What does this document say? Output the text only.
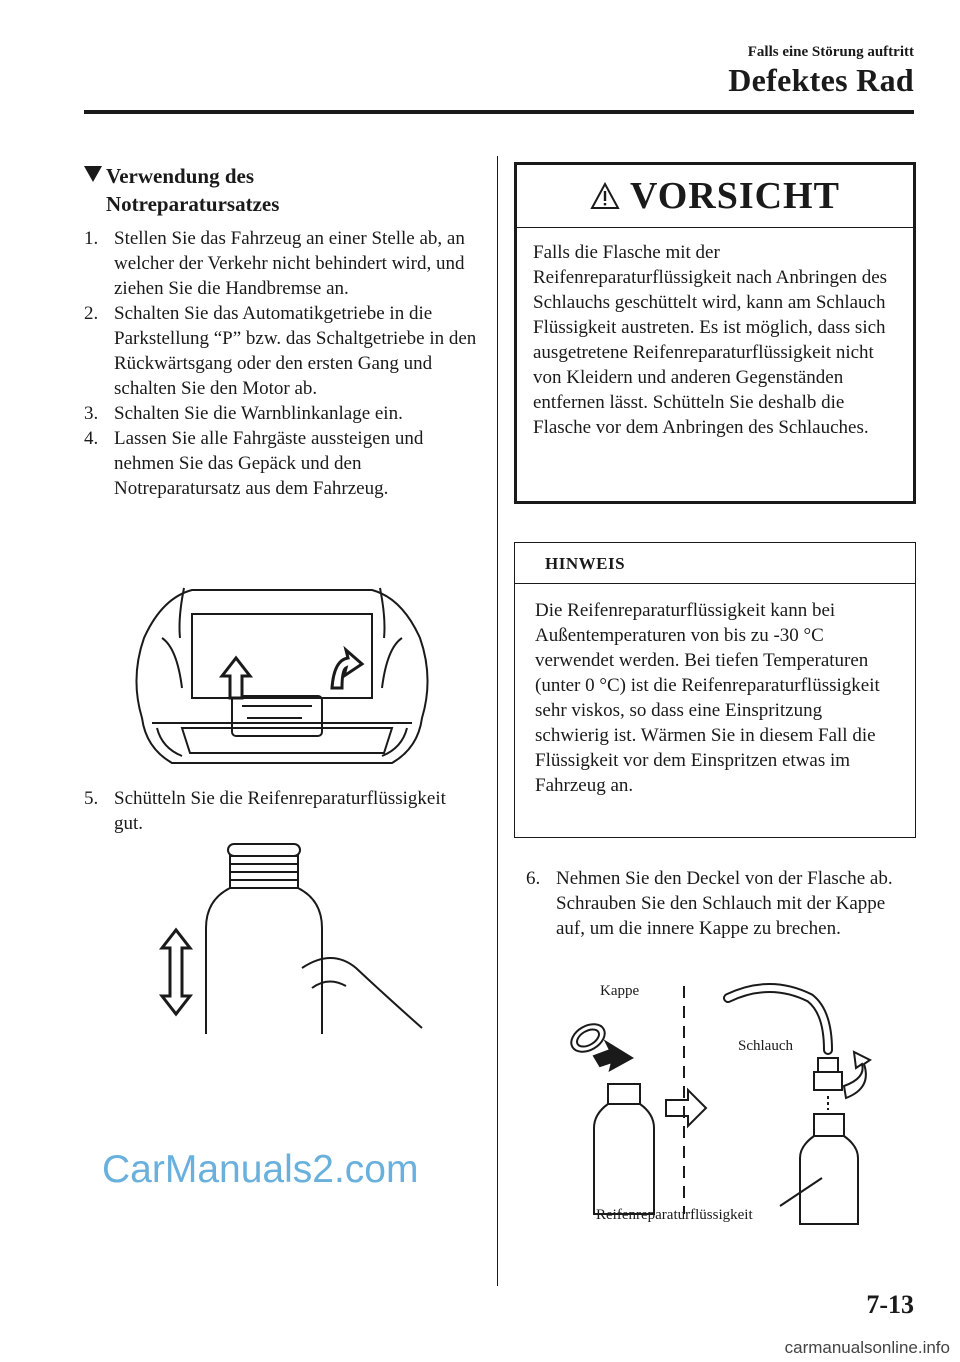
Falls eine Störung auftritt
Defektes Rad
Verwendung des
Notreparatursatzes

1. Stellen Sie das Fahrzeug an einer Stelle ab, an welcher der Verkehr nicht behindert wird, und ziehen Sie die Handbremse an.

2. Schalten Sie das Automatikgetriebe in die Parkstellung “P” bzw. das Schaltgetriebe in den Rückwärtsgang oder den ersten Gang und schalten Sie den Motor ab.

3. Schalten Sie die Warnblinkanlage ein.

4. Lassen Sie alle Fahrgäste aussteigen und nehmen Sie das Gepäck und den Notreparatursatz aus dem Fahrzeug.

5. Schütteln Sie die Reifenreparaturflüssigkeit gut.

VORSICHT
Falls die Flasche mit der Reifenreparaturflüssigkeit nach Anbringen des Schlauchs geschüttelt wird, kann am Schlauch Flüssigkeit austreten. Es ist möglich, dass sich ausgetretene Reifenreparaturflüssigkeit nicht von Kleidern und anderen Gegenständen entfernen lässt. Schütteln Sie deshalb die Flasche vor dem Anbringen des Schlauches.
HINWEIS
Die Reifenreparaturflüssigkeit kann bei Außentemperaturen von bis zu -30 °C verwendet werden. Bei tiefen Temperaturen (unter 0 °C) ist die Reifenreparaturflüssigkeit sehr viskos, so dass eine Einspritzung schwierig ist. Wärmen Sie in diesem Fall die Flüssigkeit vor dem Einspritzen etwas im Fahrzeug an.

6. Nehmen Sie den Deckel von der Flasche ab. Schrauben Sie den Schlauch mit der Kappe auf, um die innere Kappe zu brechen.

Kappe
Schlauch
Reifenreparaturflüssigkeit
CarManuals2.com
7-13
carmanualsonline.info
